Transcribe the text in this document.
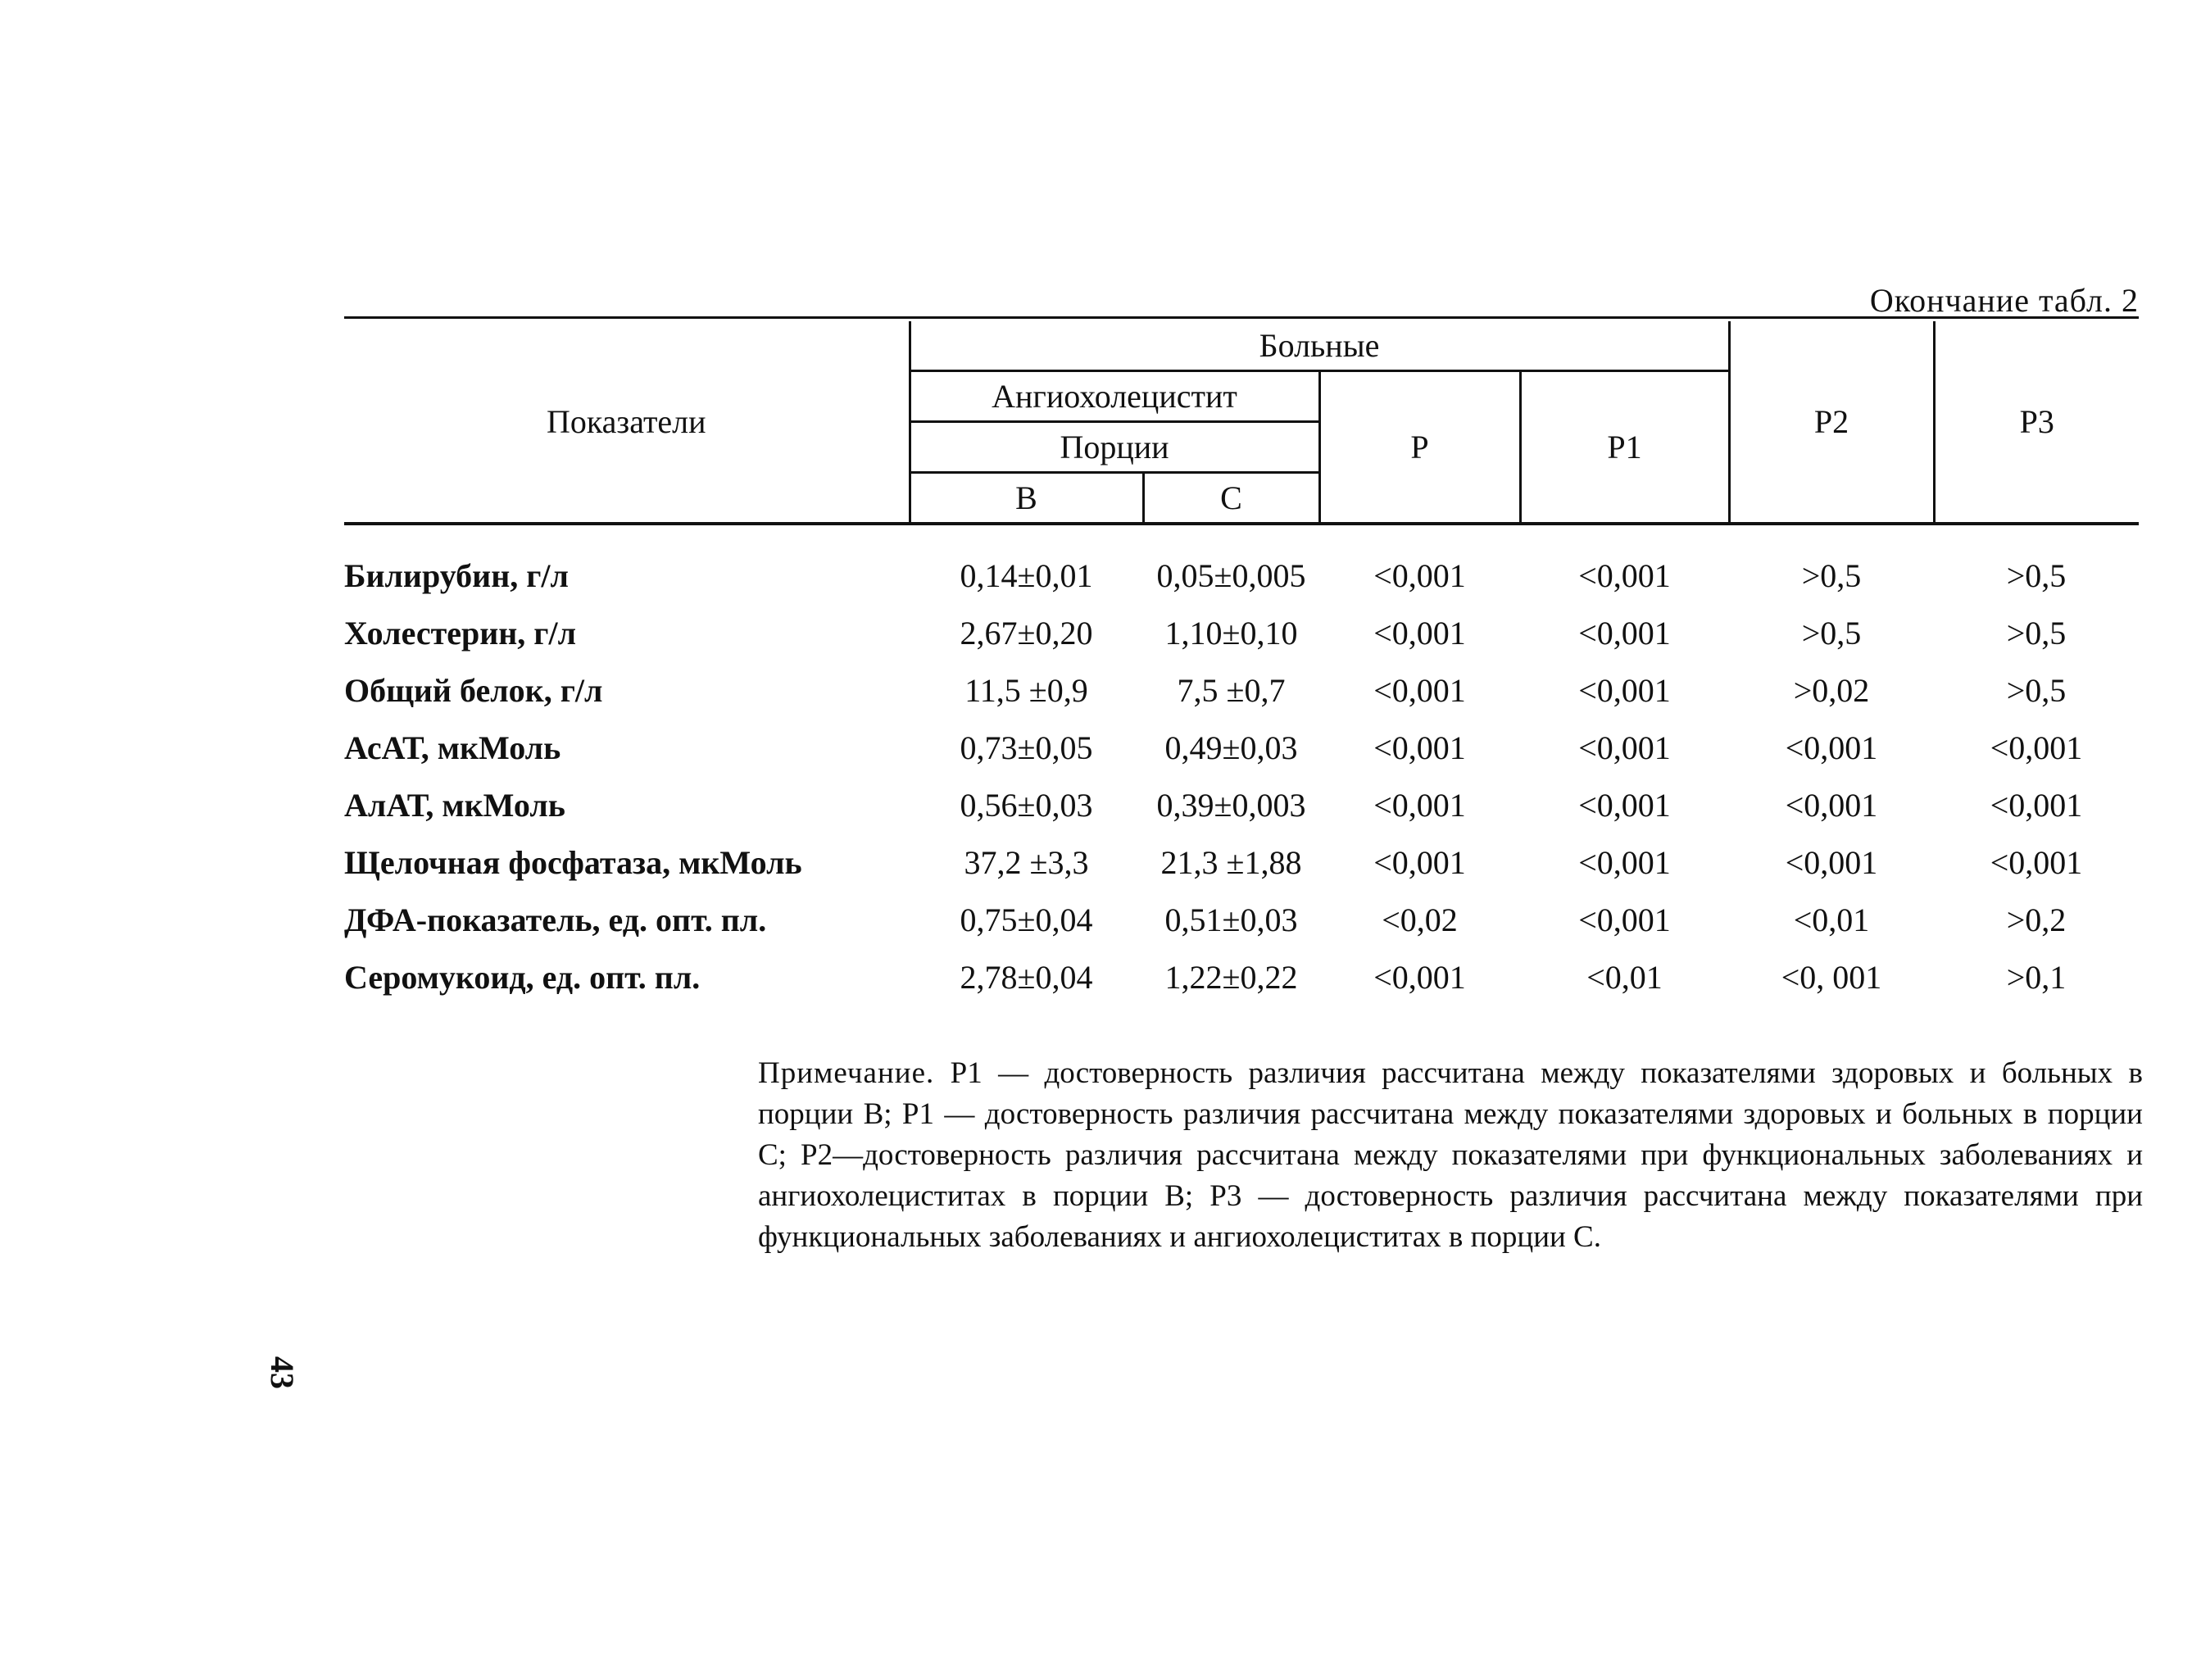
Окончание табл. 2
Показатели	Больные				Р2	Р3
	Ангиохолецистит		Р	Р1		
	Порции					
	В	С				

Билирубин, г/л	0,14±0,01	0,05±0,005	<0,001	<0,001	>0,5	>0,5
Холестерин, г/л	2,67±0,20	1,10±0,10	<0,001	<0,001	>0,5	>0,5
Общий белок, г/л	11,5 ±0,9	7,5 ±0,7	<0,001	<0,001	>0,02	>0,5
АсАТ, мкМоль	0,73±0,05	0,49±0,03	<0,001	<0,001	<0,001	<0,001
АлАТ, мкМоль	0,56±0,03	0,39±0,003	<0,001	<0,001	<0,001	<0,001
Щелочная фосфатаза, мкМоль	37,2 ±3,3	21,3 ±1,88	<0,001	<0,001	<0,001	<0,001
ДФА-показатель, ед. опт. пл.	0,75±0,04	0,51±0,03	<0,02	<0,001	<0,01	>0,2
Серомукоид, ед. опт. пл.	2,78±0,04	1,22±0,22	<0,001	<0,01	<0, 001	>0,1
Примечание. Р1 — достоверность различия рассчитана между показателями здоровых и больных в порции В; Р1 — достоверность различия рассчитана между показателями здоровых и больных в порции С; Р2—достоверность различия рассчитана между показателями при функциональных заболеваниях и ангиохолециститах в порции В; Р3 — достоверность различия рассчитана между показателями при функциональных заболеваниях и ангиохолециститах в порции С.
43
